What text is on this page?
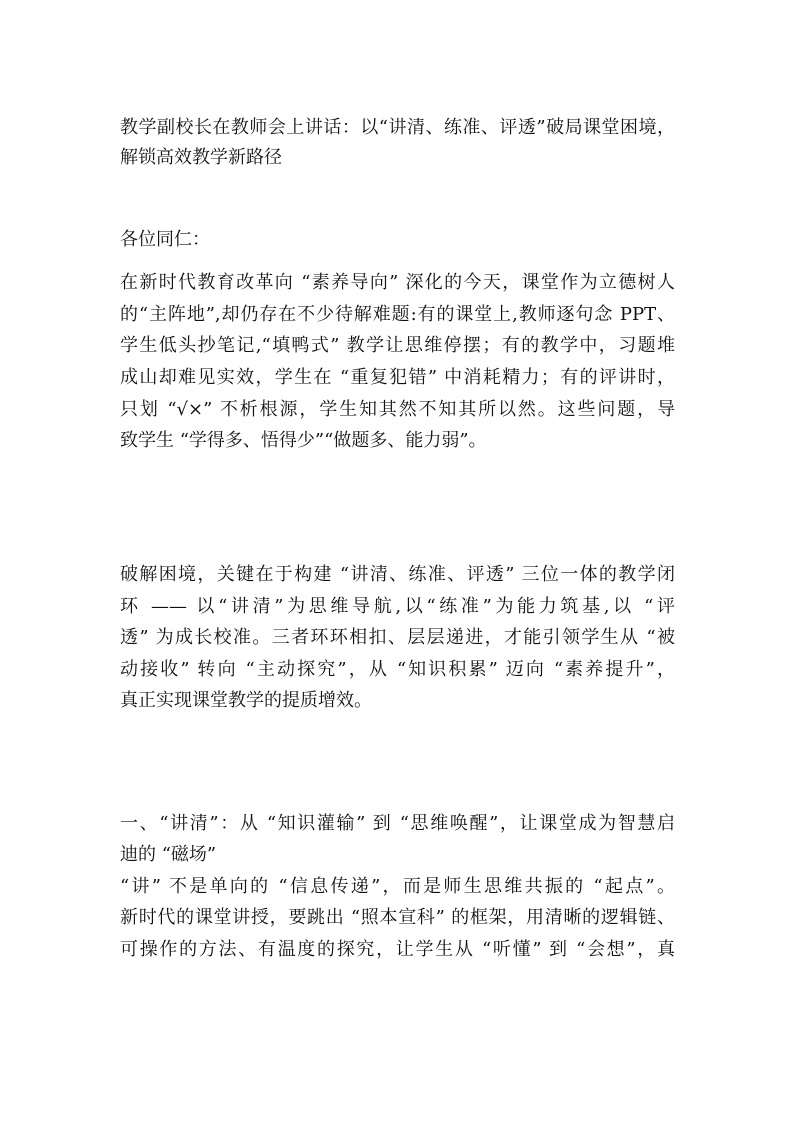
教学副校长在教师会上讲话：以“讲清、练准、评透”破局课堂困境，
解锁高效教学新路径
各位同仁：
在新时代教育改革向 “素养导向” 深化的今天，课堂作为立德树人
的“主阵地”,却仍存在不少待解难题:有的课堂上,教师逐句念 PPT、
学生低头抄笔记,“填鸭式” 教学让思维停摆；有的教学中，习题堆
成山却难见实效，学生在 “重复犯错” 中消耗精力；有的评讲时，
只划 “√×” 不析根源，学生知其然不知其所以然。这些问题，导
致学生 “学得多、悟得少”“做题多、能力弱”。
破解困境，关键在于构建 “讲清、练准、评透” 三位一体的教学闭
环 —— 以“讲清”为思维导航,以“练准”为能力筑基,以 “评
透” 为成长校准。三者环环相扣、层层递进，才能引领学生从 “被
动接收” 转向 “主动探究”，从 “知识积累” 迈向 “素养提升”，
真正实现课堂教学的提质增效。
一、“讲清”：从 “知识灌输” 到 “思维唤醒”，让课堂成为智慧启
迪的 “磁场”
“讲” 不是单向的 “信息传递”，而是师生思维共振的 “起点”。
新时代的课堂讲授，要跳出 “照本宣科” 的框架，用清晰的逻辑链、
可操作的方法、有温度的探究，让学生从 “听懂” 到 “会想”，真
